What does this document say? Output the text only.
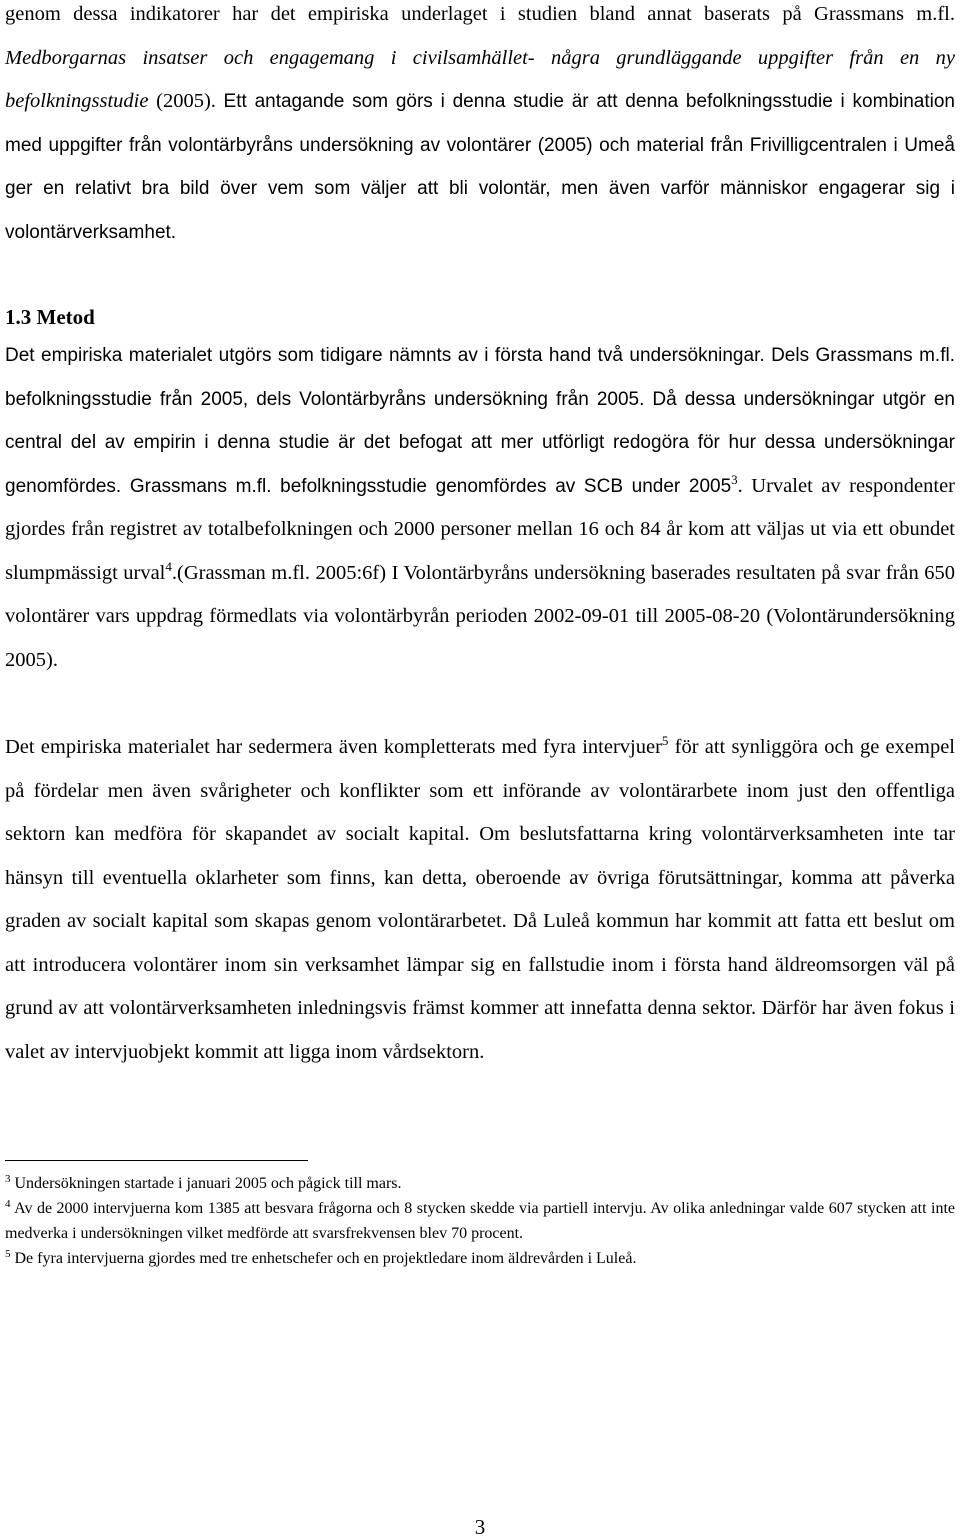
genom dessa indikatorer har det empiriska underlaget i studien bland annat baserats på Grassmans m.fl. Medborgarnas insatser och engagemang i civilsamhället- några grundläggande uppgifter från en ny befolkningsstudie (2005). Ett antagande som görs i denna studie är att denna befolkningsstudie i kombination med uppgifter från volontärbyråns undersökning av volontärer (2005) och material från Frivilligcentralen i Umeå ger en relativt bra bild över vem som väljer att bli volontär, men även varför människor engagerar sig i volontärverksamhet.

1.3 Metod

Det empiriska materialet utgörs som tidigare nämnts av i första hand två undersökningar. Dels Grassmans m.fl. befolkningsstudie från 2005, dels Volontärbyråns undersökning från 2005. Då dessa undersökningar utgör en central del av empirin i denna studie är det befogat att mer utförligt redogöra för hur dessa undersökningar genomfördes. Grassmans m.fl. befolkningsstudie genomfördes av SCB under 2005$^3$. Urvalet av respondenter gjordes från registret av totalbefolkningen och 2000 personer mellan 16 och 84 år kom att väljas ut via ett obundet slumpmässigt urval$^4$.(Grassman m.fl. 2005:6f) I Volontärbyråns undersökning baserades resultaten på svar från 650 volontärer vars uppdrag förmedlats via volontärbyrån perioden 2002-09-01 till 2005-08-20 (Volontärundersökning 2005).

Det empiriska materialet har sedermera även kompletterats med fyra intervjuer$^5$ för att synliggöra och ge exempel på fördelar men även svårigheter och konflikter som ett införande av volontärarbete inom just den offentliga sektorn kan medföra för skapandet av socialt kapital. Om beslutsfattarna kring volontärverksamheten inte tar hänsyn till eventuella oklarheter som finns, kan detta, oberoende av övriga förutsättningar, komma att påverka graden av socialt kapital som skapas genom volontärarbetet. Då Luleå kommun har kommit att fatta ett beslut om att introducera volontärer inom sin verksamhet lämpar sig en fallstudie inom i första hand äldreomsorgen väl på grund av att volontärverksamheten inledningsvis främst kommer att innefatta denna sektor. Därför har även fokus i valet av intervjuobjekt kommit att ligga inom vårdsektorn.

$^3$ Undersökningen startade i januari 2005 och pågick till mars.

$^4$ Av de 2000 intervjuerna kom 1385 att besvara frågorna och 8 stycken skedde via partiell intervju. Av olika anledningar valde 607 stycken att inte medverka i undersökningen vilket medförde att svarsfrekvensen blev 70 procent.

$^5$ De fyra intervjuerna gjordes med tre enhetschefer och en projektledare inom äldrevården i Luleå.

3
